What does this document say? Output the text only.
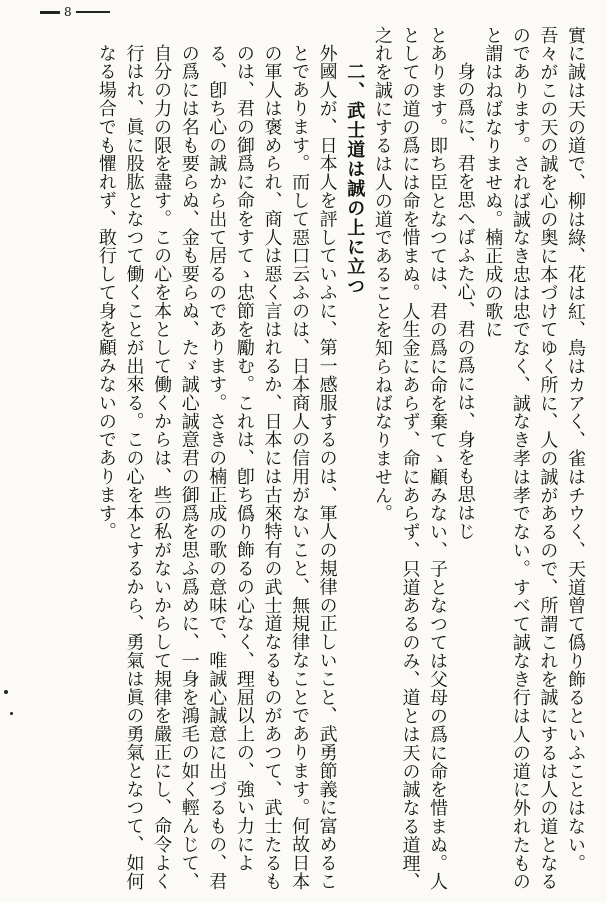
8

實に誠は天の道で、柳は綠、花は紅、鳥はカアく、雀はチウく、天道曾て僞り飾るといふことはない。吾々がこの天の誠を心の奥に本づけてゆく所に、人の誠があるので、所謂これを誠にするは人の道となるのであります。されば誠なき忠は忠でなく、誠なき孝は孝でない。すべて誠なき行は人の道に外れたものと謂はねばなりませぬ。楠正成の歌に

身の爲に、君を思へばふた心、君の爲には、身をも思はじ

とあります。即ち臣となつては、君の爲に命を棄てゝ顧みない、子となつては父母の爲に命を惜まぬ。人としての道の爲には命を惜まぬ。人生金にあらず、命にあらず、只道あるのみ、道とは天の誠なる道理、之れを誠にするは人の道であることを知らねばなりません。

二、武士道は誠の上に立つ

外國人が、日本人を評していふに、第一感服するのは、軍人の規律の正しいこと、武勇節義に富めることであります。而して惡口云ふのは、日本商人の信用がないこと、無規律なことであります。何故日本の軍人は褒められ、商人は惡く言はれるか、日本には古來特有の武士道なるものがあつて、武士たるものは、君の御爲に命をすてゝ忠節を勵む。これは、卽ち僞り飾るの心なく、理屈以上の、強い力による、卽ち心の誠から出て居るのであります。さきの楠正成の歌の意味で、唯誠心誠意に出づるもの、君の爲には名も要らぬ、金も要らぬ、たゞ誠心誠意君の御爲を思ふ爲めに、一身を鴻毛の如く輕んじて、自分の力の限を盡す。この心を本として働くからは、些の私がないからして規律を嚴正にし、命令よく行はれ、眞に股肱となつて働くことが出來る。この心を本とするから、勇氣は眞の勇氣となつて、如何なる場合でも懼れず、敢行して身を顧みないのであります。
